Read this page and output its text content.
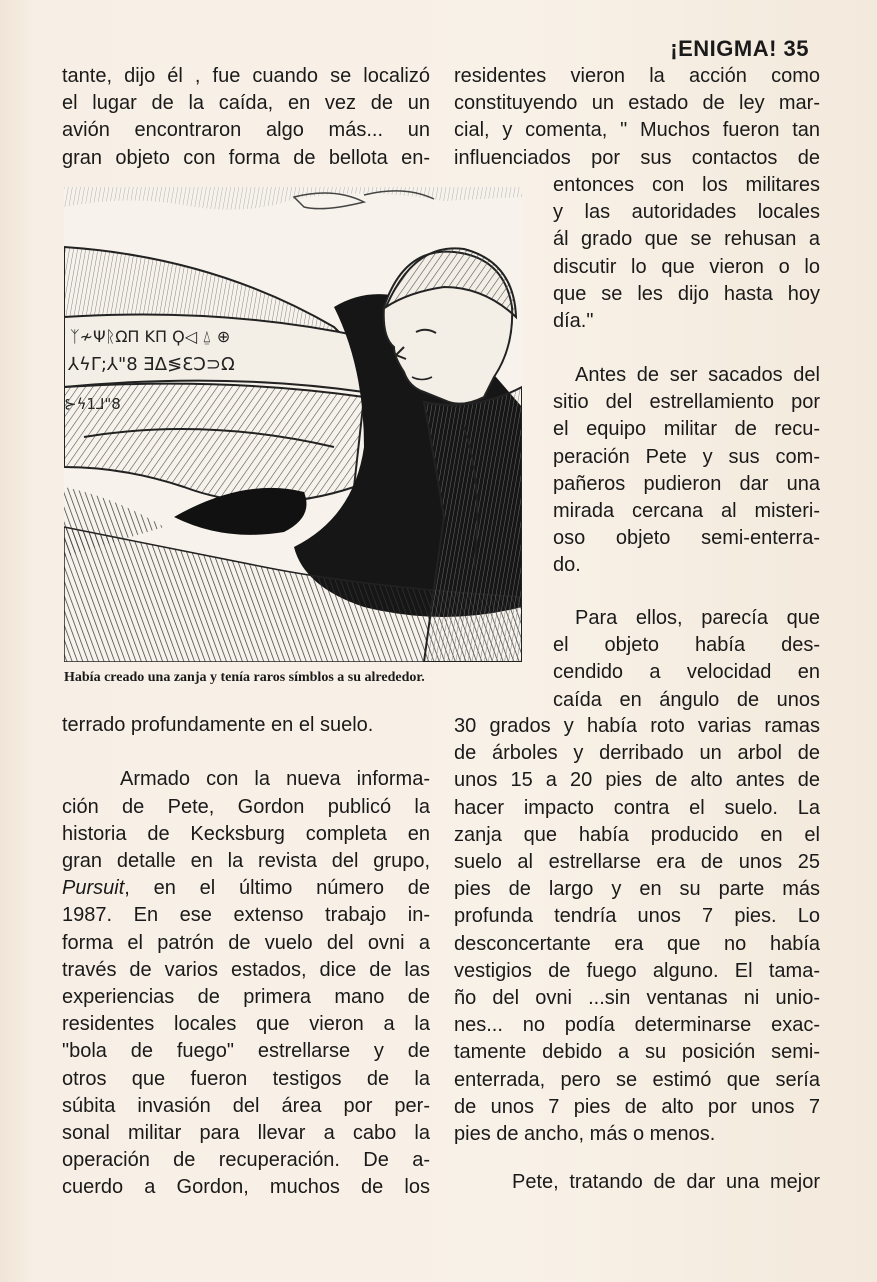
¡ENIGMA! 35
tante, dijo él , fue cuando se localizó
el lugar de la caída, en vez de un
avión encontraron algo más... un
gran objeto con forma de bellota en-
ᛉ≁ΨᚱΩΠ ΚΠ Ϙ◁ ⍙ ⊕
⅄ϟΓ;⅄"8 ƎΔ≶ƐƆ⊃Ω
Había creado una zanja y tenía raros símblos a su alrededor.
terrado profundamente en el suelo.
Armado con la nueva informa-
ción de Pete, Gordon publicó la
historia de Kecksburg completa en
gran detalle en la revista del grupo,
Pursuit, en el último número de
1987. En ese extenso trabajo in-
forma el patrón de vuelo del ovni a
través de varios estados, dice de las
experiencias de primera mano de
residentes locales que vieron a la
"bola de fuego" estrellarse y de
otros que fueron testigos de la
súbita invasión del área por per-
sonal militar para llevar a cabo la
operación de recuperación. De a-
cuerdo a Gordon, muchos de los
residentes vieron la acción como
constituyendo un estado de ley mar-
cial, y comenta, " Muchos fueron tan
influenciados por sus contactos de
entonces con los militares
y las autoridades locales
ál grado que se rehusan a
discutir lo que vieron o lo
que se les dijo hasta hoy
día."
Antes de ser sacados del
sitio del estrellamiento por
el equipo militar de recu-
peración Pete y sus com-
pañeros pudieron dar una
mirada cercana al misteri-
oso objeto semi-enterra-
do.
Para ellos, parecía que
el objeto había des-
cendido a velocidad en
caída en ángulo de unos
30 grados y había roto varias ramas
de árboles y derribado un arbol de
unos 15 a 20 pies de alto antes de
hacer impacto contra el suelo. La
zanja que había producido en el
suelo al estrellarse era de unos 25
pies de largo y en su parte más
profunda tendría unos 7 pies. Lo
desconcertante era que no había
vestigios de fuego alguno. El tama-
ño del ovni ...sin ventanas ni unio-
nes... no podía determinarse exac-
tamente debido a su posición semi-
enterrada, pero se estimó que sería
de unos 7 pies de alto por unos 7
pies de ancho, más o menos.
Pete, tratando de dar una mejor
